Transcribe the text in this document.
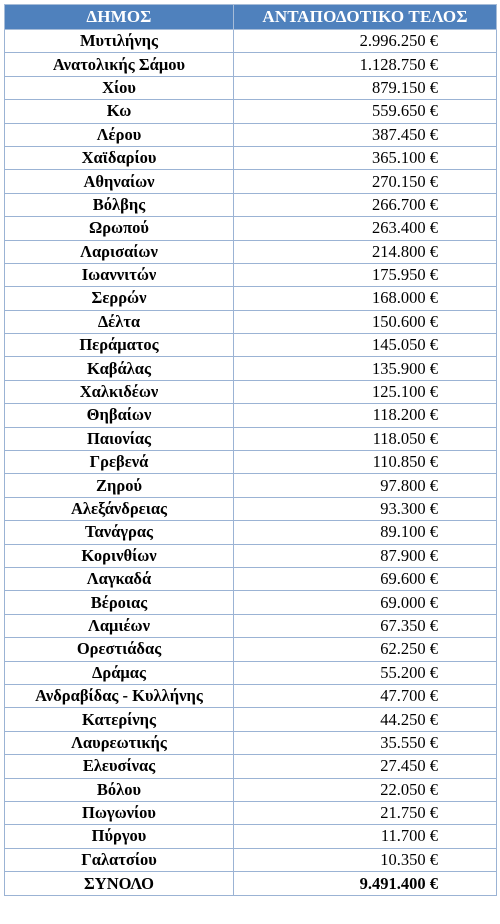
ΔΗΜΟΣ	ΑΝΤΑΠΟΔΟΤΙΚΟ ΤΕΛΟΣ
Μυτιλήνης	2.996.250 €
Ανατολικής Σάμου	1.128.750 €
Χίου	879.150 €
Κω	559.650 €
Λέρου	387.450 €
Χαϊδαρίου	365.100 €
Αθηναίων	270.150 €
Βόλβης	266.700 €
Ωρωπού	263.400 €
Λαρισαίων	214.800 €
Ιωαννιτών	175.950 €
Σερρών	168.000 €
Δέλτα	150.600 €
Περάματος	145.050 €
Καβάλας	135.900 €
Χαλκιδέων	125.100 €
Θηβαίων	118.200 €
Παιονίας	118.050 €
Γρεβενά	110.850 €
Ζηρού	97.800 €
Αλεξάνδρειας	93.300 €
Τανάγρας	89.100 €
Κορινθίων	87.900 €
Λαγκαδά	69.600 €
Βέροιας	69.000 €
Λαμιέων	67.350 €
Ορεστιάδας	62.250 €
Δράμας	55.200 €
Ανδραβίδας - Κυλλήνης	47.700 €
Κατερίνης	44.250 €
Λαυρεωτικής	35.550 €
Ελευσίνας	27.450 €
Βόλου	22.050 €
Πωγωνίου	21.750 €
Πύργου	11.700 €
Γαλατσίου	10.350 €
ΣΥΝΟΛΟ	9.491.400 €
